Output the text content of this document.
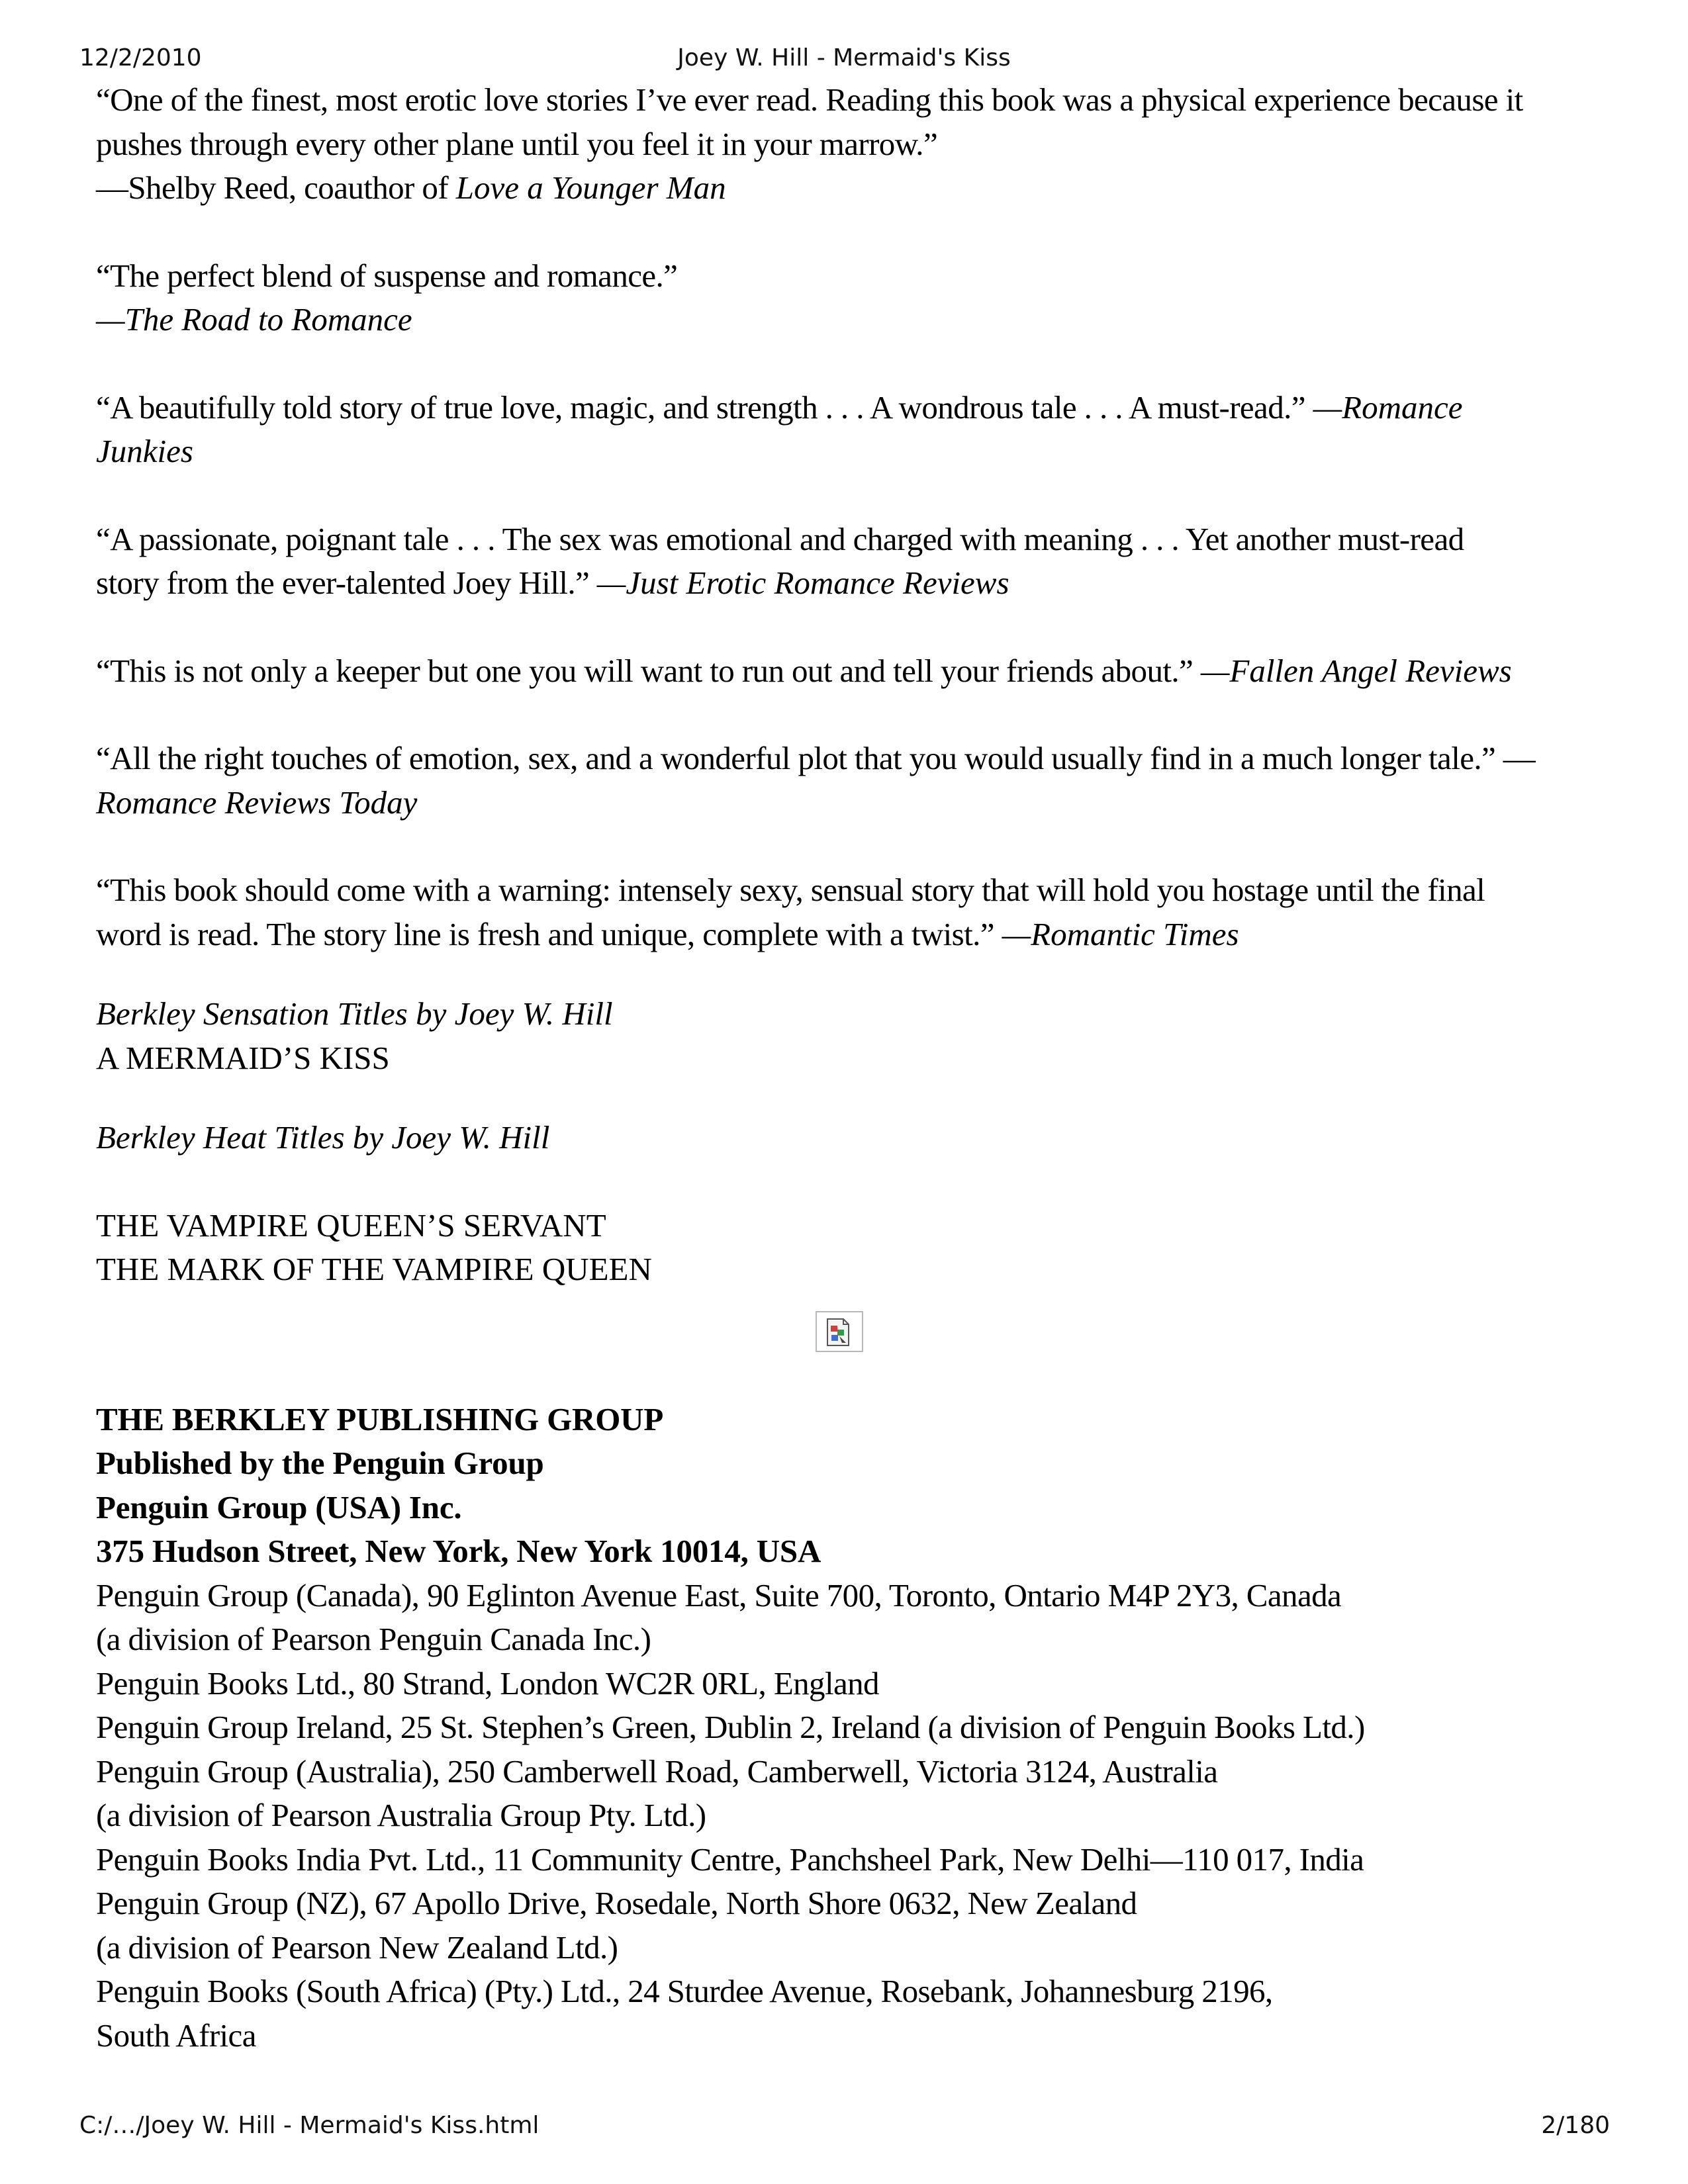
12/2/2010	Joey W. Hill - Mermaid's Kiss

“One of the finest, most erotic love stories I’ve ever read. Reading this book was a physical experience because it pushes through every other plane until you feel it in your marrow.”

—Shelby Reed, coauthor of Love a Younger Man

“The perfect blend of suspense and romance.”

—The Road to Romance

“A beautifully told story of true love, magic, and strength . . . A wondrous tale . . . A must-read.” —Romance Junkies

“A passionate, poignant tale . . . The sex was emotional and charged with meaning . . . Yet another must-read story from the ever-talented Joey Hill.” —Just Erotic Romance Reviews

“This is not only a keeper but one you will want to run out and tell your friends about.” —Fallen Angel Reviews

“All the right touches of emotion, sex, and a wonderful plot that you would usually find in a much longer tale.” —
Romance Reviews Today

“This book should come with a warning: intensely sexy, sensual story that will hold you hostage until the final word is read. The story line is fresh and unique, complete with a twist.” —Romantic Times

Berkley Sensation Titles by Joey W. Hill

A MERMAID’S KISS

Berkley Heat Titles by Joey W. Hill

THE VAMPIRE QUEEN’S SERVANT

THE MARK OF THE VAMPIRE QUEEN

THE BERKLEY PUBLISHING GROUP

Published by the Penguin Group

Penguin Group (USA) Inc.

375 Hudson Street, New York, New York 10014, USA

Penguin Group (Canada), 90 Eglinton Avenue East, Suite 700, Toronto, Ontario M4P 2Y3, Canada

(a division of Pearson Penguin Canada Inc.)

Penguin Books Ltd., 80 Strand, London WC2R 0RL, England

Penguin Group Ireland, 25 St. Stephen’s Green, Dublin 2, Ireland (a division of Penguin Books Ltd.)

Penguin Group (Australia), 250 Camberwell Road, Camberwell, Victoria 3124, Australia

(a division of Pearson Australia Group Pty. Ltd.)

Penguin Books India Pvt. Ltd., 11 Community Centre, Panchsheel Park, New Delhi—110 017, India

Penguin Group (NZ), 67 Apollo Drive, Rosedale, North Shore 0632, New Zealand

(a division of Pearson New Zealand Ltd.)

Penguin Books (South Africa) (Pty.) Ltd., 24 Sturdee Avenue, Rosebank, Johannesburg 2196,

South Africa

C:/…/Joey W. Hill - Mermaid's Kiss.html	2/180
